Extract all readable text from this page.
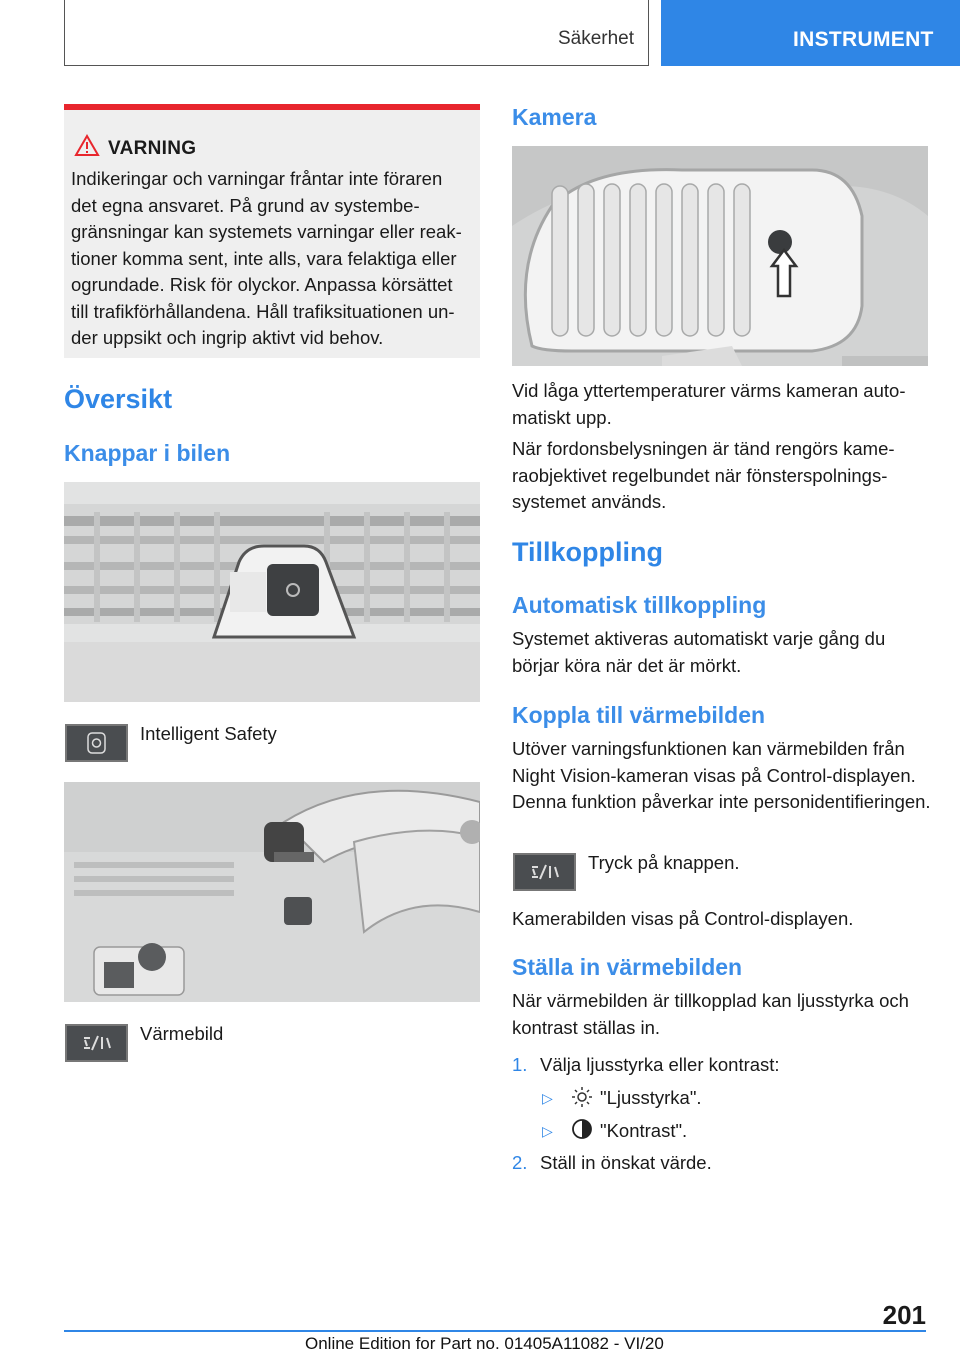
Säkerhet	INSTRUMENT
VARNING
Indikeringar och varningar fråntar inte föraren det egna ansvaret. På grund av systembegränsningar kan systemets varningar eller reaktioner komma sent, inte alls, vara felaktiga eller ogrundade. Risk för olyckor. Anpassa körsättet till trafikförhållandena. Håll trafiksituationen under uppsikt och ingrip aktivt vid behov.
Översikt
Knappar i bilen
Intelligent Safety
Värmebild
Kamera
Vid låga yttertemperaturer värms kameran automatiskt upp.
När fordonsbelysningen är tänd rengörs kameraobjektivet regelbundet när fönsterspolningssystemet används.
Tillkoppling
Automatisk tillkoppling
Systemet aktiveras automatiskt varje gång du börjar köra när det är mörkt.
Koppla till värmebilden
Utöver varningsfunktionen kan värmebilden från Night Vision-kameran visas på Control-displayen. Denna funktion påverkar inte personidentifieringen.
Tryck på knappen.
Kamerabilden visas på Control-displayen.
Ställa in värmebilden
När värmebilden är tillkopplad kan ljusstyrka och kontrast ställas in.
1. Välja ljusstyrka eller kontrast:
▷	"Ljusstyrka".
▷	"Kontrast".
2. Ställ in önskat värde.
201
Online Edition for Part no. 01405A11082 - VI/20
